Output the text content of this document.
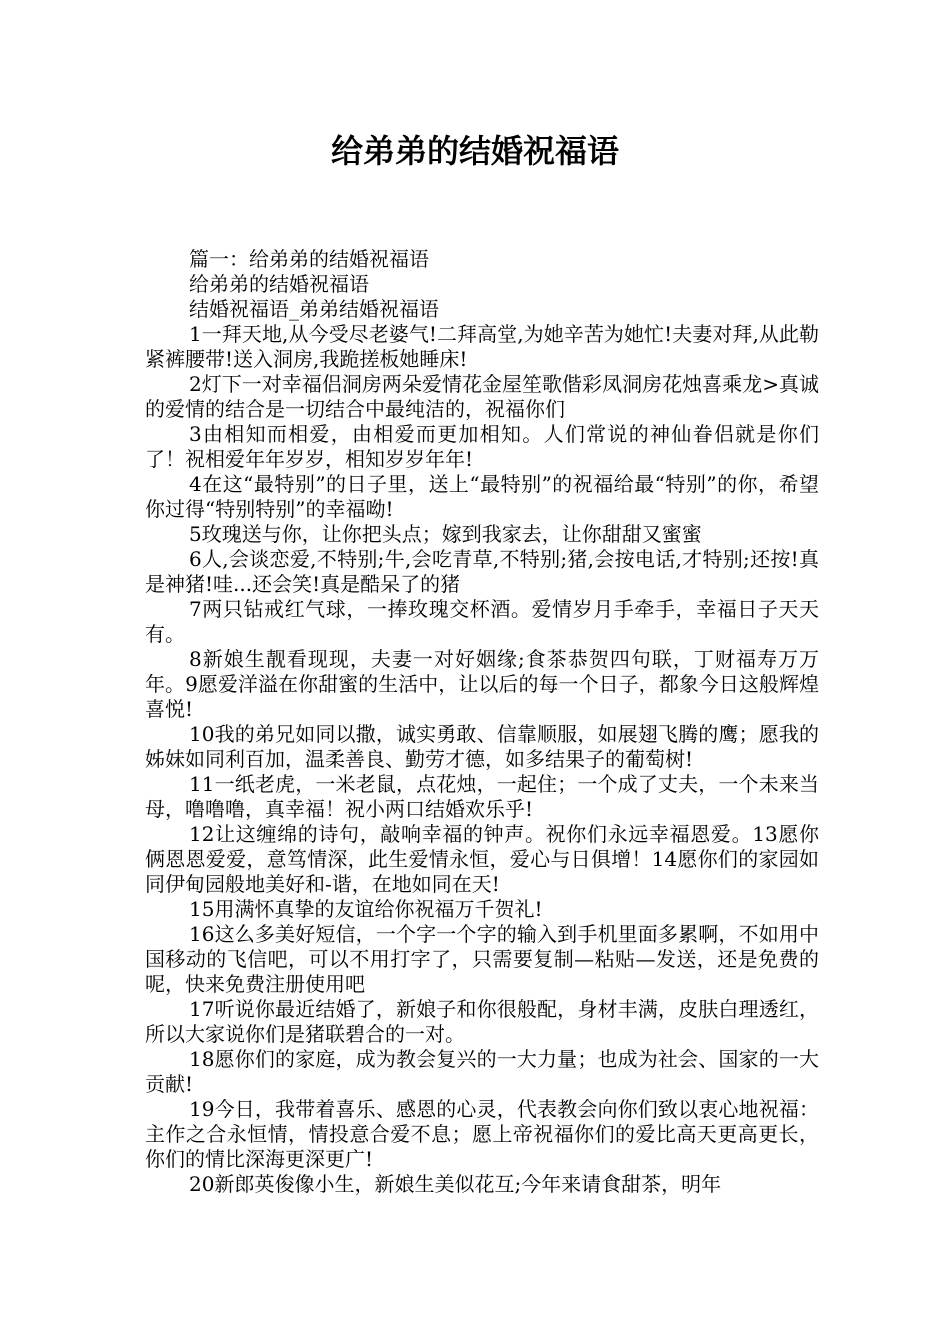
给弟弟的结婚祝福语

篇一：给弟弟的结婚祝福语

给弟弟的结婚祝福语

结婚祝福语_弟弟结婚祝福语

1一拜天地,从今受尽老婆气!二拜高堂,为她辛苦为她忙!夫妻对拜,从此勒紧裤腰带!送入洞房,我跪搓板她睡床!

2灯下一对幸福侣洞房两朵爱情花金屋笙歌偕彩凤洞房花烛喜乘龙>真诚的爱情的结合是一切结合中最纯洁的，祝福你们

3由相知而相爱，由相爱而更加相知。人们常说的神仙眷侣就是你们了！祝相爱年年岁岁，相知岁岁年年!

4在这“最特别”的日子里，送上“最特别”的祝福给最“特别”的你，希望你过得“特别特别”的幸福呦!

5玫瑰送与你，让你把头点；嫁到我家去，让你甜甜又蜜蜜

6人,会谈恋爱,不特别;牛,会吃青草,不特别;猪,会按电话,才特别;还按!真是神猪!哇...还会笑!真是酷呆了的猪

7两只钻戒红气球，一捧玫瑰交杯酒。爱情岁月手牵手，幸福日子天天有。

8新娘生靓看现现，夫妻一对好姻缘;食茶恭贺四句联，丁财福寿万万年。9愿爱洋溢在你甜蜜的生活中，让以后的每一个日子，都象今日这般辉煌喜悦!

10我的弟兄如同以撒，诚实勇敢、信靠顺服，如展翅飞腾的鹰；愿我的姊妹如同利百加，温柔善良、勤劳才德，如多结果子的葡萄树!

11一纸老虎，一米老鼠，点花烛，一起住；一个成了丈夫，一个未来当母，噜噜噜，真幸福！祝小两口结婚欢乐乎!

12让这缠绵的诗句，敲响幸福的钟声。祝你们永远幸福恩爱。13愿你俩恩恩爱爱，意笃情深，此生爱情永恒，爱心与日俱增！14愿你们的家园如同伊甸园般地美好和-谐，在地如同在天!

15用满怀真挚的友谊给你祝福万千贺礼!

16这么多美好短信，一个字一个字的输入到手机里面多累啊，不如用中国移动的飞信吧，可以不用打字了，只需要复制—粘贴—发送，还是免费的呢，快来免费注册使用吧

17听说你最近结婚了，新娘子和你很般配，身材丰满，皮肤白理透红，所以大家说你们是猪联碧合的一对。

18愿你们的家庭，成为教会复兴的一大力量；也成为社会、国家的一大贡献!

19今日，我带着喜乐、感恩的心灵，代表教会向你们致以衷心地祝福：主作之合永恒情，情投意合爱不息；愿上帝祝福你们的爱比高天更高更长，你们的情比深海更深更广!

20新郎英俊像小生，新娘生美似花互;今年来请食甜茶，明年
